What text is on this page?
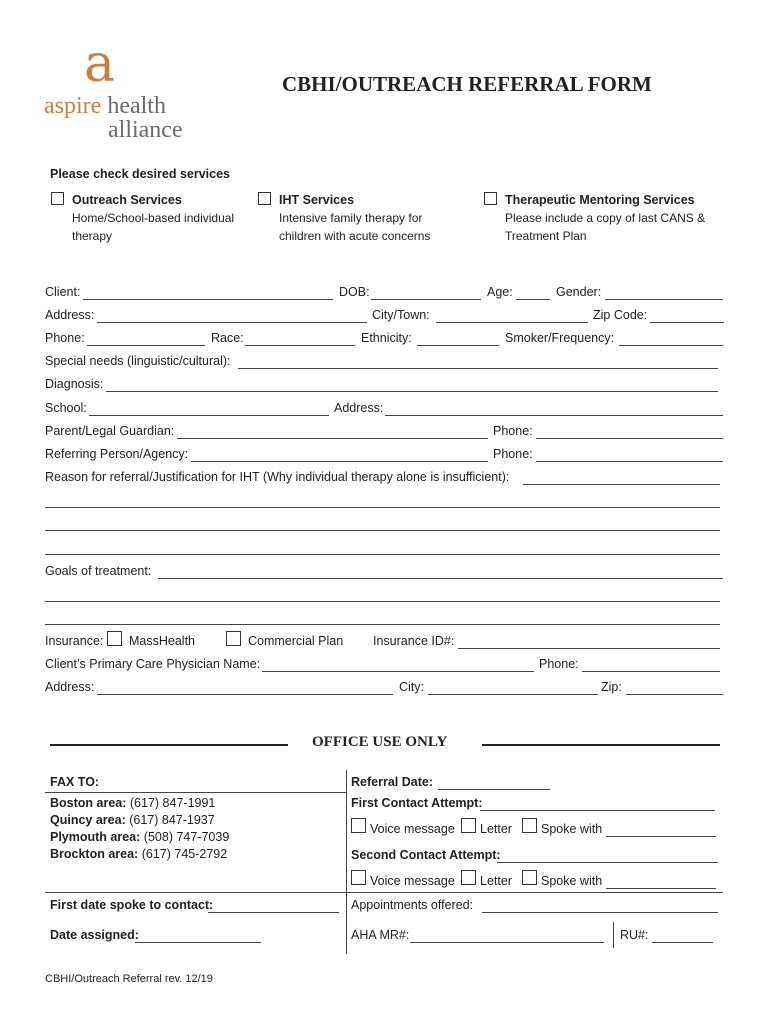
a
aspire health
alliance
CBHI/OUTREACH REFERRAL FORM
Please check desired services
Outreach Services
Home/School-based individual
therapy
IHT Services
Intensive family therapy for
children with acute concerns
Therapeutic Mentoring Services
Please include a copy of last CANS &
Treatment Plan
Client:	DOB:	Age:	Gender:
Address:	City/Town:	Zip Code:
Phone:	Race:	Ethnicity:	Smoker/Frequency:
Special needs (linguistic/cultural):
Diagnosis:
School:	Address:
Parent/Legal Guardian:	Phone:
Referring Person/Agency:	Phone:
Reason for referral/Justification for IHT (Why individual therapy alone is insufficient):
Goals of treatment:
Insurance: MassHealth	Commercial Plan Insurance ID#:
Client’s Primary Care Physician Name:	Phone:
Address:	City:	Zip:
OFFICE USE ONLY
FAX TO:
Boston area: (617) 847-1991
Quincy area: (617) 847-1937
Plymouth area: (508) 747-7039
Brockton area: (617) 745-2792
Referral Date:
First Contact Attempt:
Voice message Letter Spoke with
Second Contact Attempt:
Voice message Letter Spoke with
First date spoke to contact:	Appointments offered:
Date assigned:	AHA MR#:	RU#:
CBHI/Outreach Referral rev. 12/19
